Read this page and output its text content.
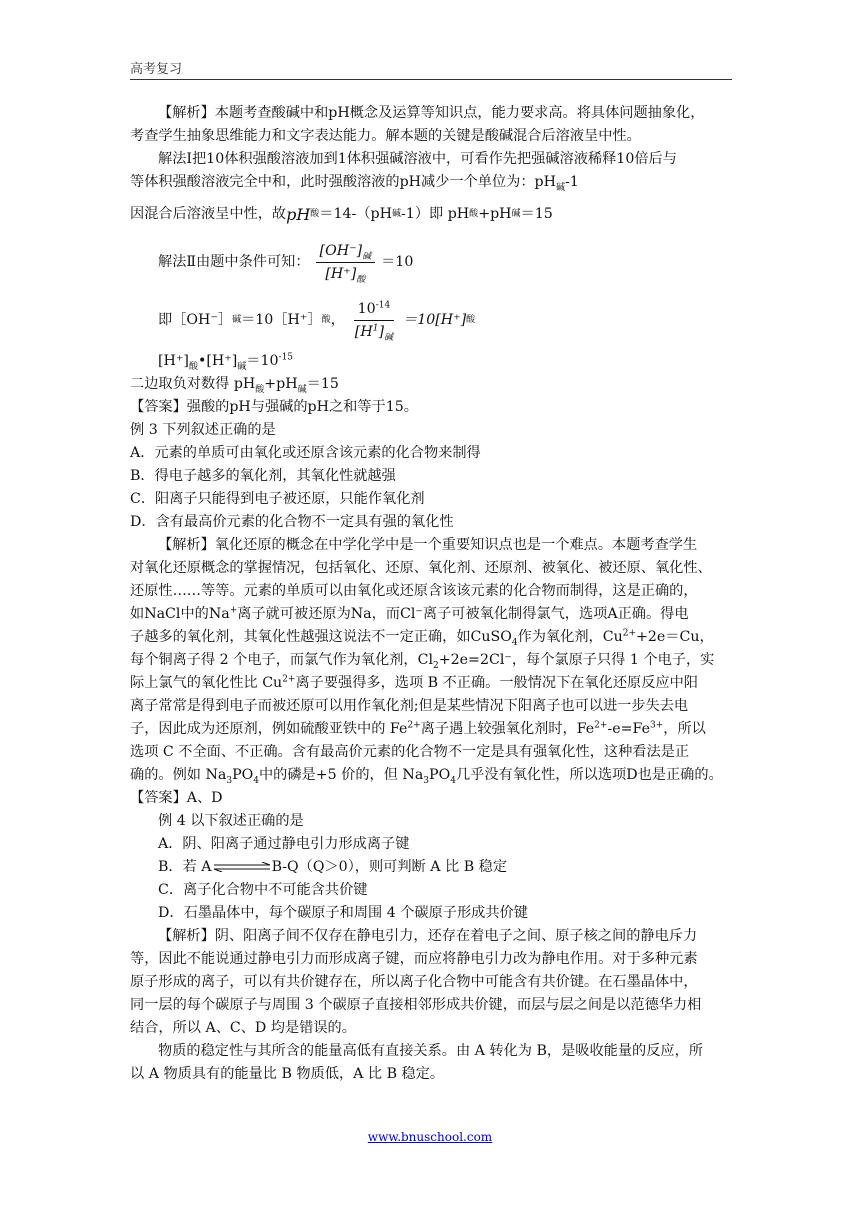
高考复习
【解析】本题考查酸碱中和pH概念及运算等知识点，能力要求高。将具体问题抽象化，
考查学生抽象思维能力和文字表达能力。解本题的关键是酸碱混合后溶液呈中性。
解法Ⅰ把10体积强酸溶液加到1体积强碱溶液中，可看作先把强碱溶液稀释10倍后与
等体积强酸溶液完全中和，此时强酸溶液的pH减少一个单位为：$pH_碱-1$
因混合后溶液呈中性，故 pH 酸 ＝14-（pH 碱 -1）即 pH 酸 +pH 碱 ＝15
解法Ⅱ由题中条件可知： $\frac{[OH^-]_碱}{[H^+]_酸} =10$
即［OH⁻］ 碱 ＝10［H⁺］ 酸 ， $\frac{10^{-14}}{[H^1]_碱} =10[H^+]$ 酸
$[H^+]_酸•[H^+]_碱=10^{-15}$
二边取负对数得 $pH_酸+pH_碱=15$
【答案】强酸的pH与强碱的pH之和等于15。
例 3 下列叙述正确的是
A．元素的单质可由氧化或还原含该元素的化合物来制得
B．得电子越多的氧化剂，其氧化性就越强
C．阳离子只能得到电子被还原，只能作氧化剂
D．含有最高价元素的化合物不一定具有强的氧化性
【解析】氧化还原的概念在中学化学中是一个重要知识点也是一个难点。本题考查学生
对氧化还原概念的掌握情况，包括氧化、还原、氧化剂、还原剂、被氧化、被还原、氧化性、
还原性……等等。元素的单质可以由氧化或还原含该该元素的化合物而制得，这是正确的，
如NaCl中的Na+离子就可被还原为Na，而Cl⁻离子可被氧化制得氯气，选项A正确。得电
子越多的氧化剂，其氧化性越强这说法不一定正确，如CuSO$_4$作为氧化剂，$Cu^{2+}+2e=Cu$，
每个铜离子得 2 个电子，而氯气作为氧化剂，$Cl_2+2e=2Cl^-$，每个氯原子只得 1 个电子，实
际上氯气的氧化性比 $Cu^{2+}$离子要强得多，选项 B 不正确。一般情况下在氧化还原反应中阳
离子常常是得到电子而被还原可以用作氧化剂;但是某些情况下阳离子也可以进一步失去电
子，因此成为还原剂，例如硫酸亚铁中的 $Fe^{2+}$离子遇上较强氧化剂时，$Fe^{2+}-e=Fe^{3+}$，所以
选项 C 不全面、不正确。含有最高价元素的化合物不一定是具有强氧化性，这种看法是正
确的。例如 $Na_3PO_4$中的磷是+5 价的，但 $Na_3PO_4$几乎没有氧化性，所以选项D也是正确的。
【答案】A、D
例 4 以下叙述正确的是
A．阴、阳离子通过静电引力形成离子键
B．若 A	B-Q（Q＞0），则可判断 A 比 B 稳定
C．离子化合物中不可能含共价键
D．石墨晶体中，每个碳原子和周围 4 个碳原子形成共价键
【解析】阴、阳离子间不仅存在静电引力，还存在着电子之间、原子核之间的静电斥力
等，因此不能说通过静电引力而形成离子键，而应将静电引力改为静电作用。对于多种元素
原子形成的离子，可以有共价键存在，所以离子化合物中可能含有共价键。在石墨晶体中，
同一层的每个碳原子与周围 3 个碳原子直接相邻形成共价键，而层与层之间是以范德华力相
结合，所以 A、C、D 均是错误的。
物质的稳定性与其所含的能量高低有直接关系。由 A 转化为 B，是吸收能量的反应，所
以 A 物质具有的能量比 B 物质低，A 比 B 稳定。
www.bnuschool.com
